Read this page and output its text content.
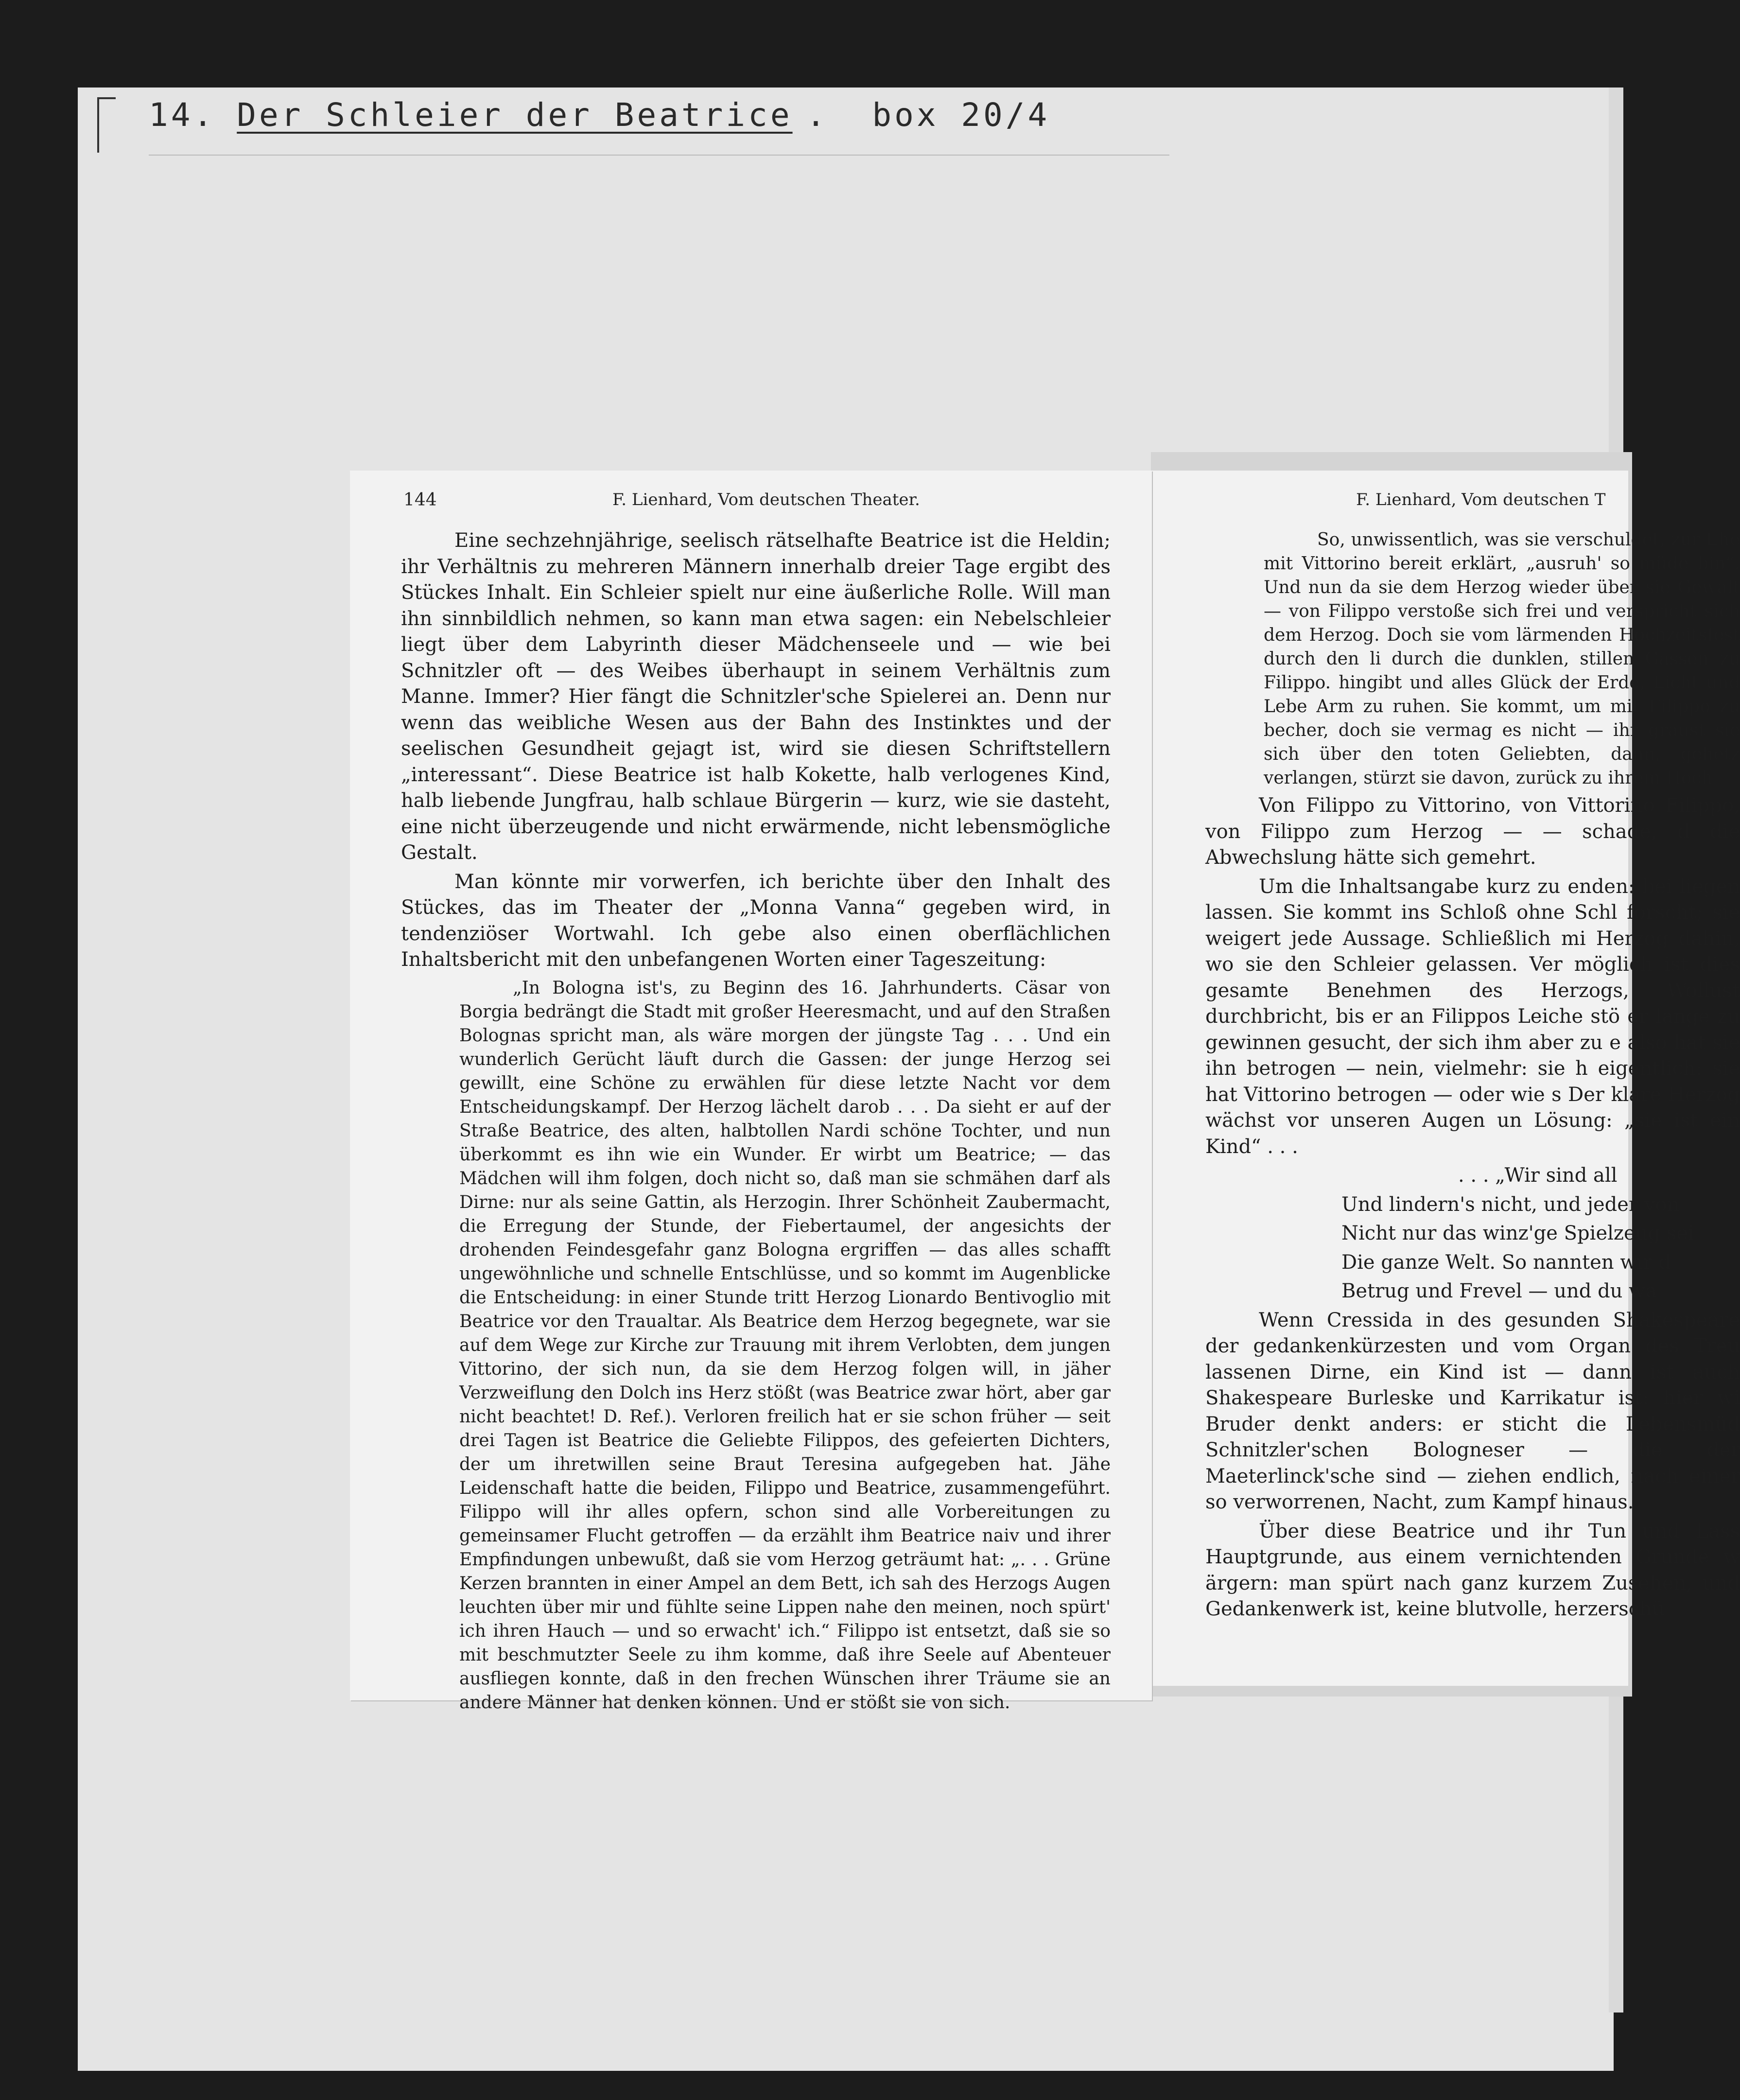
14. Der Schleier der Beatrice . box 20/4
F. Lienhard, Vom deutschen T

So, unwissentlich, was sie verschuldet, zur Ehe mit Vittorino bereit erklärt, „ausruh' so müde bin“. Und nun da sie dem Herzog wieder über sie Gewalt — von Filippo verstoße sich frei und verspricht sich dem Herzog. Doch sie vom lärmenden Hochzeitsfest durch den li durch die dunklen, stillen Gassen zu Filippo. hingibt und alles Glück der Erde, Licht und Lebe Arm zu ruhen. Sie kommt, um mit Filippo zu becher, doch sie vermag es nicht — ihr graust sie sich über den toten Geliebten, dann, gehetz verlangen, stürzt sie davon, zurück zu ihrem Hoch

Von Filippo zu Vittorino, von Vittorino Filippo, von Filippo zum Herzog — — schade, d die Abwechslung hätte sich gemehrt.

Um die Inhaltsangabe kurz zu enden: bei liegen lassen. Sie kommt ins Schloß ohne Schl forscht; sie weigert jede Aussage. Schließlich mi Herzog dahin, wo sie den Schleier gelassen. Ver möglich ist dies gesamte Benehmen des Herzogs, Wollust durchbricht, bis er an Filippos Leiche stö er lange zu gewinnen gesucht, der sich ihm aber zu e also hat sie ihn betrogen — nein, vielmehr: sie h eigentlich: sie hat Vittorino betrogen — oder wie s Der klare Herzog wächst vor unseren Augen un Lösung: „sie ist ein Kind“ . . .

. . . „Wir sind all

Und lindern's nicht, und jeder von

Nicht nur das winz'ge Spielzeug sei

Die ganze Welt. So nannten wir d

Betrug und Frevel — und du wa

Wenn Cressida in des gesunden Shakespeare der gedankenkürzesten und vom Organ des Treu lassenen Dirne, ein Kind ist — dann ist auch Shakespeare Burleske und Karrikatur ist: hier wi Bruder denkt anders: er sticht die Lebensmüd Schnitzler'schen Bologneser — die der Maeterlinck'sche sind — ziehen endlich, nach einer so verworrenen, Nacht, zum Kampf hinaus.

Über diese Beatrice und ihr Tun und Lass Hauptgrunde, aus einem vernichtenden Grunde w ärgern: man spürt nach ganz kurzem Zusehen, und Gedankenwerk ist, keine blutvolle, herzerschü

144	F. Lienhard, Vom deutschen Theater.

Eine sechzehnjährige, seelisch rätselhafte Beatrice ist die Heldin; ihr Verhältnis zu mehreren Männern innerhalb dreier Tage ergibt des Stückes Inhalt. Ein Schleier spielt nur eine äußerliche Rolle. Will man ihn sinnbildlich nehmen, so kann man etwa sagen: ein Nebelschleier liegt über dem Labyrinth dieser Mädchenseele und — wie bei Schnitzler oft — des Weibes überhaupt in seinem Verhältnis zum Manne. Immer? Hier fängt die Schnitzler'sche Spielerei an. Denn nur wenn das weibliche Wesen aus der Bahn des Instinktes und der seelischen Gesundheit gejagt ist, wird sie diesen Schriftstellern „interessant“. Diese Beatrice ist halb Kokette, halb verlogenes Kind, halb liebende Jungfrau, halb schlaue Bürgerin — kurz, wie sie dasteht, eine nicht überzeugende und nicht erwärmende, nicht lebensmögliche Gestalt.

Man könnte mir vorwerfen, ich berichte über den Inhalt des Stückes, das im Theater der „Monna Vanna“ gegeben wird, in tendenziöser Wortwahl. Ich gebe also einen oberflächlichen Inhaltsbericht mit den unbefangenen Worten einer Tageszeitung:

„In Bologna ist's, zu Beginn des 16. Jahrhunderts. Cäsar von Borgia bedrängt die Stadt mit großer Heeresmacht, und auf den Straßen Bolognas spricht man, als wäre morgen der jüngste Tag . . . Und ein wunderlich Gerücht läuft durch die Gassen: der junge Herzog sei gewillt, eine Schöne zu erwählen für diese letzte Nacht vor dem Entscheidungskampf. Der Herzog lächelt darob . . . Da sieht er auf der Straße Beatrice, des alten, halbtollen Nardi schöne Tochter, und nun überkommt es ihn wie ein Wunder. Er wirbt um Beatrice; — das Mädchen will ihm folgen, doch nicht so, daß man sie schmähen darf als Dirne: nur als seine Gattin, als Herzogin. Ihrer Schönheit Zaubermacht, die Erregung der Stunde, der Fiebertaumel, der angesichts der drohenden Feindesgefahr ganz Bologna ergriffen — das alles schafft ungewöhnliche und schnelle Entschlüsse, und so kommt im Augenblicke die Entscheidung: in einer Stunde tritt Herzog Lionardo Bentivoglio mit Beatrice vor den Traualtar. Als Beatrice dem Herzog begegnete, war sie auf dem Wege zur Kirche zur Trauung mit ihrem Verlobten, dem jungen Vittorino, der sich nun, da sie dem Herzog folgen will, in jäher Verzweiflung den Dolch ins Herz stößt (was Beatrice zwar hört, aber gar nicht beachtet! D. Ref.). Verloren freilich hat er sie schon früher — seit drei Tagen ist Beatrice die Geliebte Filippos, des gefeierten Dichters, der um ihretwillen seine Braut Teresina aufgegeben hat. Jähe Leidenschaft hatte die beiden, Filippo und Beatrice, zusammengeführt. Filippo will ihr alles opfern, schon sind alle Vorbereitungen zu gemeinsamer Flucht getroffen — da erzählt ihm Beatrice naiv und ihrer Empfindungen unbewußt, daß sie vom Herzog geträumt hat: „. . . Grüne Kerzen brannten in einer Ampel an dem Bett, ich sah des Herzogs Augen leuchten über mir und fühlte seine Lippen nahe den meinen, noch spürt' ich ihren Hauch — und so erwacht' ich.“ Filippo ist entsetzt, daß sie so mit beschmutzter Seele zu ihm komme, daß ihre Seele auf Abenteuer ausfliegen konnte, daß in den frechen Wünschen ihrer Träume sie an andere Männer hat denken können. Und er stößt sie von sich.
